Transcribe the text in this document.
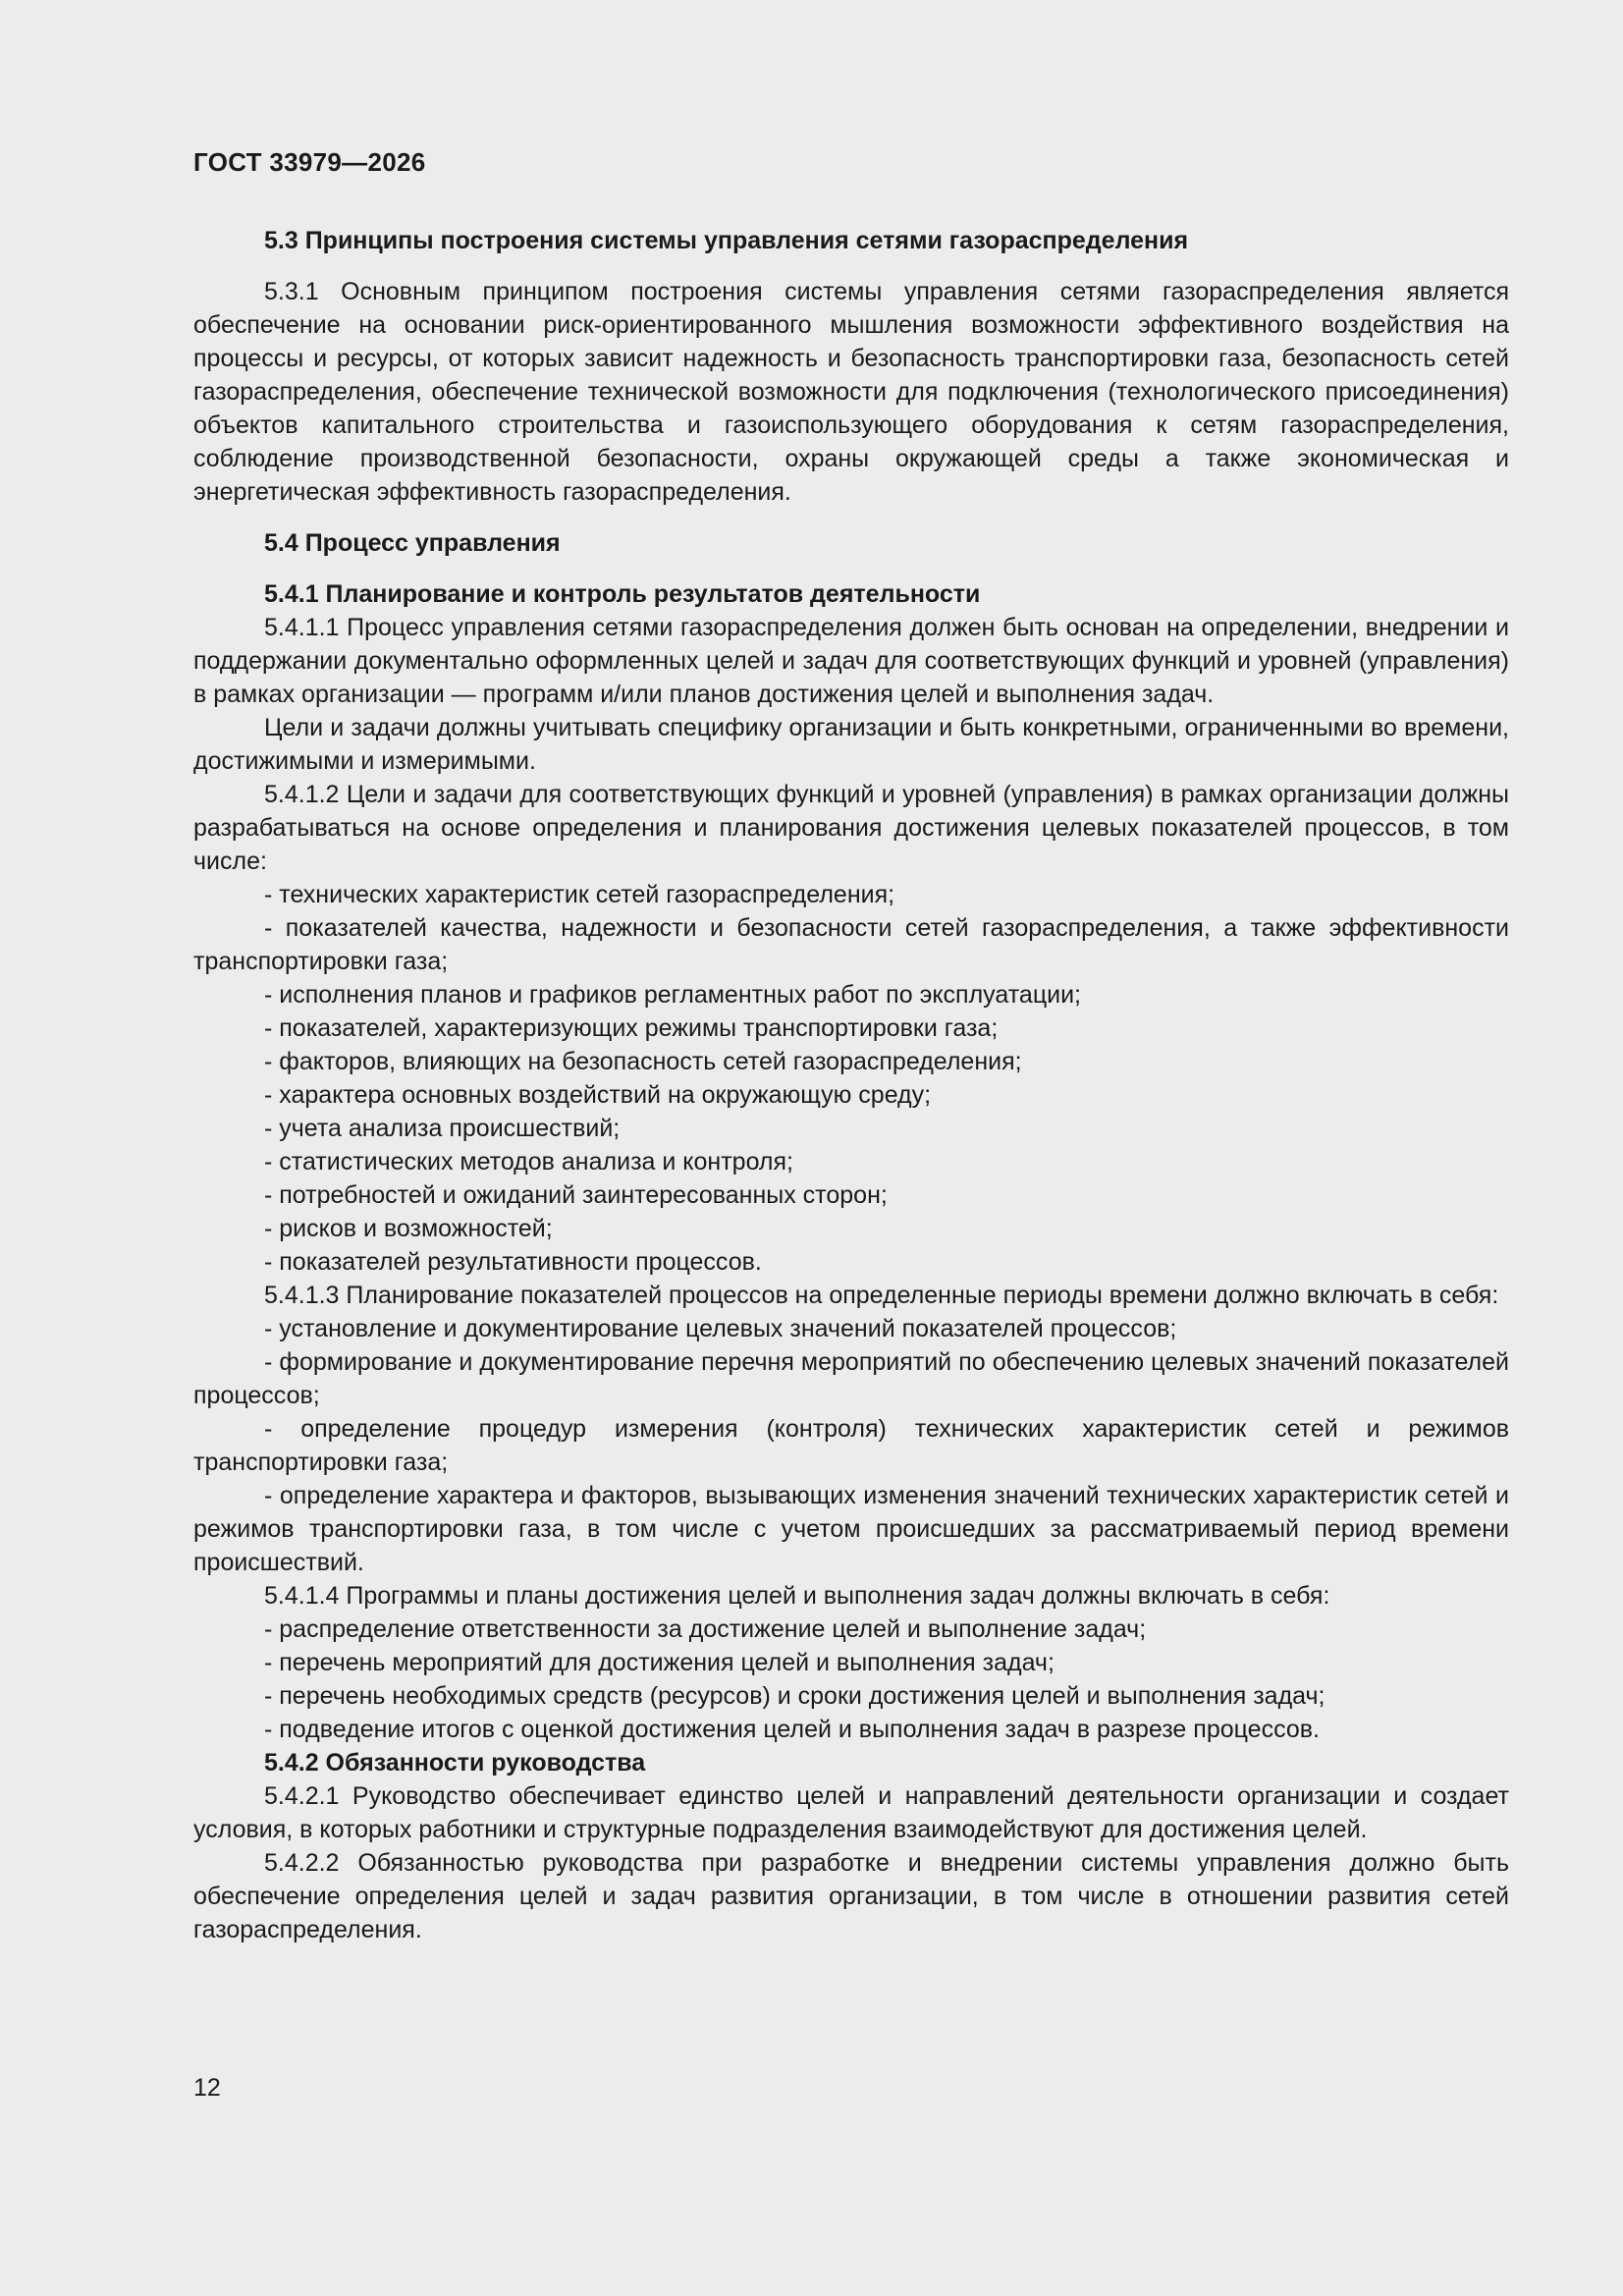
ГОСТ 33979—2026
5.3 Принципы построения системы управления сетями газораспределения

5.3.1 Основным принципом построения системы управления сетями газораспределения является обеспечение на основании риск-ориентированного мышления возможности эффективного воздействия на процессы и ресурсы, от которых зависит надежность и безопасность транспортировки газа, безопасность сетей газораспределения, обеспечение технической возможности для подключения (технологического присоединения) объектов капитального строительства и газоиспользующего оборудования к сетям газораспределения, соблюдение производственной безопасности, охраны окружающей среды а также экономическая и энергетическая эффективность газораспределения.

5.4 Процесс управления
5.4.1 Планирование и контроль результатов деятельности

5.4.1.1 Процесс управления сетями газораспределения должен быть основан на определении, внедрении и поддержании документально оформленных целей и задач для соответствующих функций и уровней (управления) в рамках организации — программ и/или планов достижения целей и выполнения задач.

Цели и задачи должны учитывать специфику организации и быть конкретными, ограниченными во времени, достижимыми и измеримыми.

5.4.1.2 Цели и задачи для соответствующих функций и уровней (управления) в рамках организации должны разрабатываться на основе определения и планирования достижения целевых показателей процессов, в том числе:

- технических характеристик сетей газораспределения;

- показателей качества, надежности и безопасности сетей газораспределения, а также эффективности транспортировки газа;

- исполнения планов и графиков регламентных работ по эксплуатации;

- показателей, характеризующих режимы транспортировки газа;

- факторов, влияющих на безопасность сетей газораспределения;

- характера основных воздействий на окружающую среду;

- учета анализа происшествий;

- статистических методов анализа и контроля;

- потребностей и ожиданий заинтересованных сторон;

- рисков и возможностей;

- показателей результативности процессов.

5.4.1.3 Планирование показателей процессов на определенные периоды времени должно включать в себя:

- установление и документирование целевых значений показателей процессов;

- формирование и документирование перечня мероприятий по обеспечению целевых значений показателей процессов;

- определение процедур измерения (контроля) технических характеристик сетей и режимов транспортировки газа;

- определение характера и факторов, вызывающих изменения значений технических характеристик сетей и режимов транспортировки газа, в том числе с учетом происшедших за рассматриваемый период времени происшествий.

5.4.1.4 Программы и планы достижения целей и выполнения задач должны включать в себя:

- распределение ответственности за достижение целей и выполнение задач;

- перечень мероприятий для достижения целей и выполнения задач;

- перечень необходимых средств (ресурсов) и сроки достижения целей и выполнения задач;

- подведение итогов с оценкой достижения целей и выполнения задач в разрезе процессов.

5.4.2 Обязанности руководства

5.4.2.1 Руководство обеспечивает единство целей и направлений деятельности организации и создает условия, в которых работники и структурные подразделения взаимодействуют для достижения целей.

5.4.2.2 Обязанностью руководства при разработке и внедрении системы управления должно быть обеспечение определения целей и задач развития организации, в том числе в отношении развития сетей газораспределения.

12
